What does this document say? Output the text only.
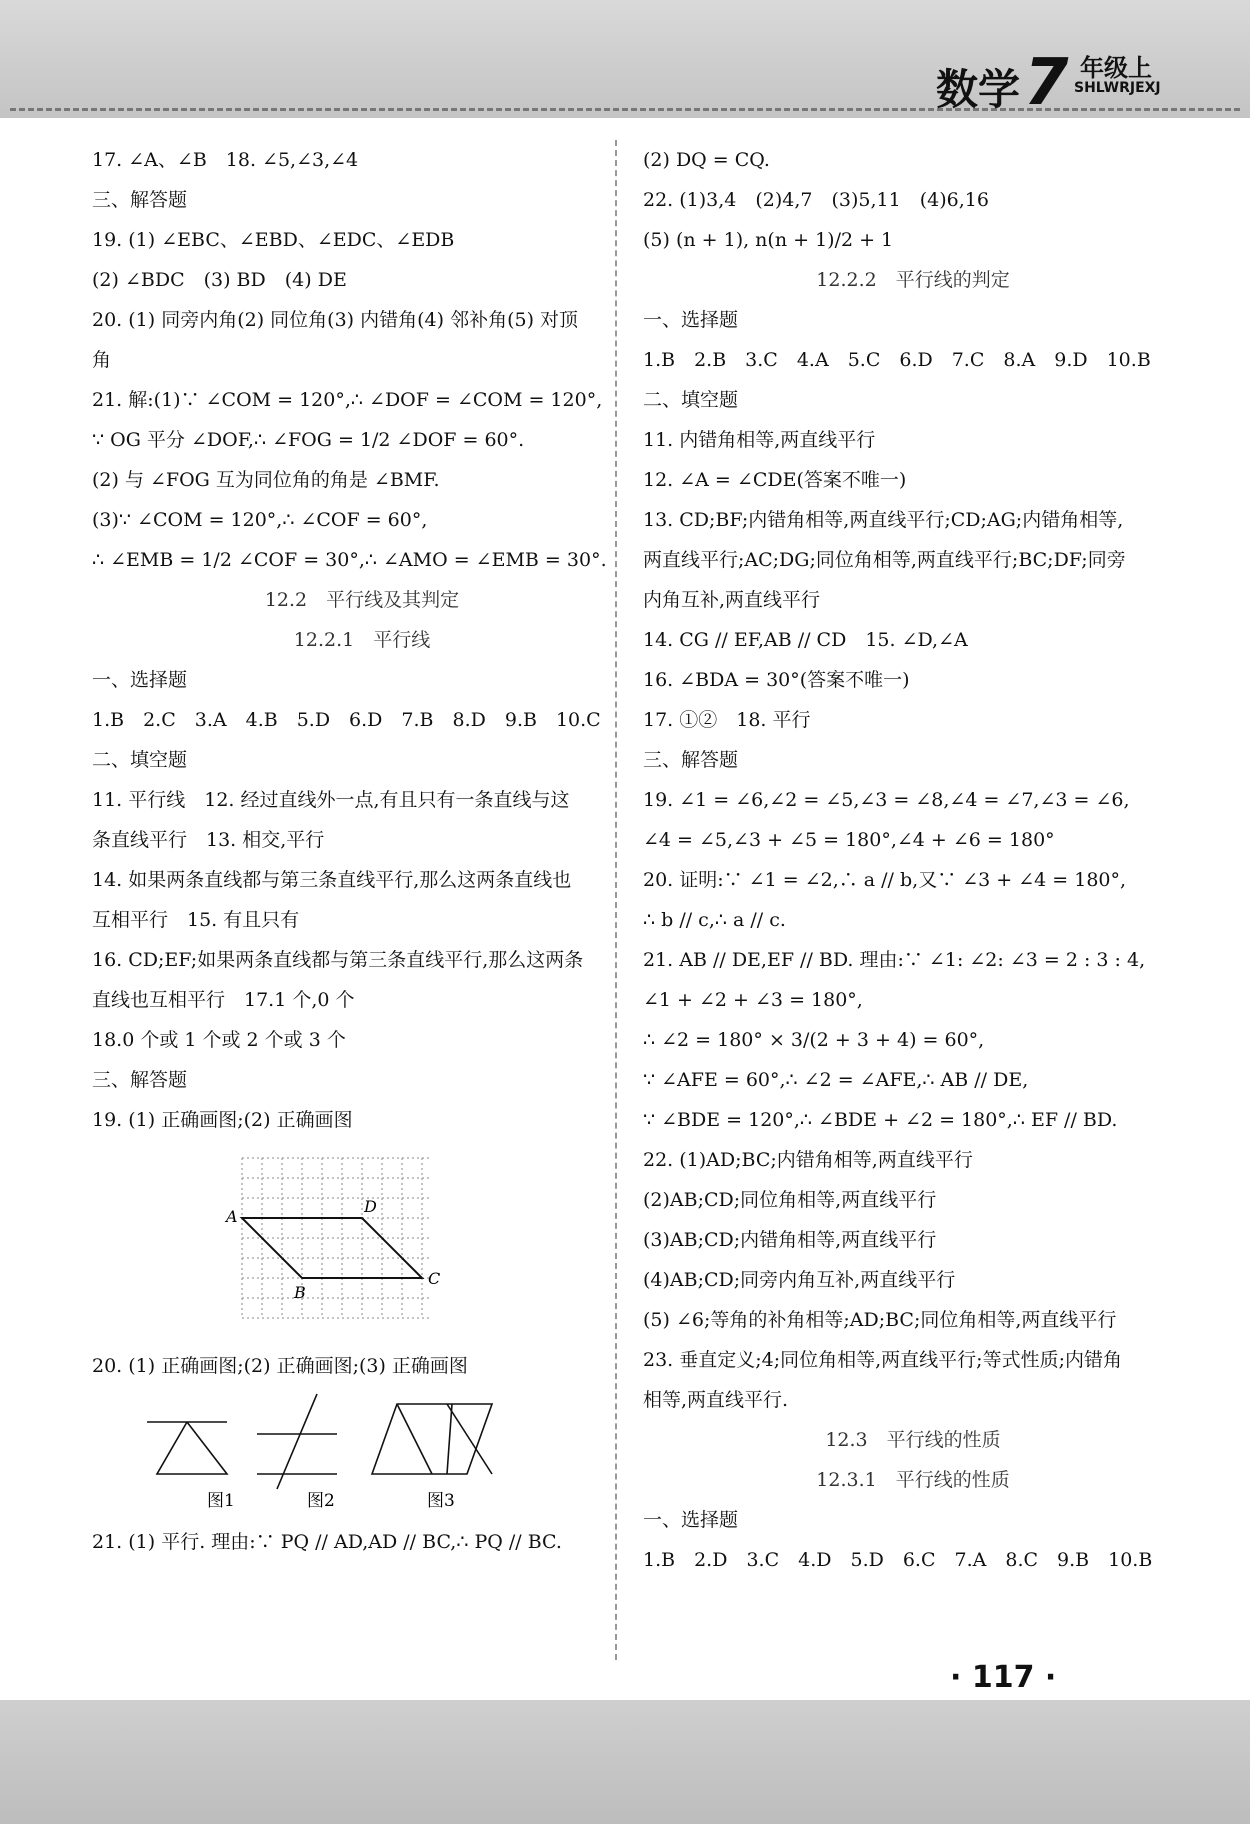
数学7 年级上
SHLWRJEXJ

17. ∠A、∠B　18. ∠5,∠3,∠4

三、解答题

19. (1) ∠EBC、∠EBD、∠EDC、∠EDB

(2) ∠BDC　(3) BD　(4) DE

20. (1) 同旁内角(2) 同位角(3) 内错角(4) 邻补角(5) 对顶

角

21. 解:(1)∵ ∠COM = 120°,∴ ∠DOF = ∠COM = 120°,

∵ OG 平分 ∠DOF,∴ ∠FOG = 1/2 ∠DOF = 60°.

(2) 与 ∠FOG 互为同位角的角是 ∠BMF.

(3)∵ ∠COM = 120°,∴ ∠COF = 60°,

∴ ∠EMB = 1/2 ∠COF = 30°,∴ ∠AMO = ∠EMB = 30°.

12.2　平行线及其判定

12.2.1　平行线

一、选择题

1.B　2.C　3.A　4.B　5.D　6.D　7.B　8.D　9.B　10.C

二、填空题

11. 平行线　12. 经过直线外一点,有且只有一条直线与这

条直线平行　13. 相交,平行

14. 如果两条直线都与第三条直线平行,那么这两条直线也

互相平行　15. 有且只有

16. CD;EF;如果两条直线都与第三条直线平行,那么这两条

直线也互相平行　17.1 个,0 个

18.0 个或 1 个或 2 个或 3 个

三、解答题

19. (1) 正确画图;(2) 正确画图

A
D
C
B

20. (1) 正确画图;(2) 正确画图;(3) 正确画图

图1	图2	图3

21. (1) 平行. 理由:∵ PQ // AD,AD // BC,∴ PQ // BC.

(2) DQ = CQ.

22. (1)3,4　(2)4,7　(3)5,11　(4)6,16

(5) (n + 1), n(n + 1)/2 + 1

12.2.2　平行线的判定

一、选择题

1.B　2.B　3.C　4.A　5.C　6.D　7.C　8.A　9.D　10.B

二、填空题

11. 内错角相等,两直线平行

12. ∠A = ∠CDE(答案不唯一)

13. CD;BF;内错角相等,两直线平行;CD;AG;内错角相等,

两直线平行;AC;DG;同位角相等,两直线平行;BC;DF;同旁

内角互补,两直线平行

14. CG // EF,AB // CD　15. ∠D,∠A

16. ∠BDA = 30°(答案不唯一)

17. ①②　18. 平行

三、解答题

19. ∠1 = ∠6,∠2 = ∠5,∠3 = ∠8,∠4 = ∠7,∠3 = ∠6,

∠4 = ∠5,∠3 + ∠5 = 180°,∠4 + ∠6 = 180°

20. 证明:∵ ∠1 = ∠2,∴ a // b,又∵ ∠3 + ∠4 = 180°,

∴ b // c,∴ a // c.

21. AB // DE,EF // BD. 理由:∵ ∠1: ∠2: ∠3 = 2 : 3 : 4,

∠1 + ∠2 + ∠3 = 180°,

∴ ∠2 = 180° × 3/(2 + 3 + 4) = 60°,

∵ ∠AFE = 60°,∴ ∠2 = ∠AFE,∴ AB // DE,

∵ ∠BDE = 120°,∴ ∠BDE + ∠2 = 180°,∴ EF // BD.

22. (1)AD;BC;内错角相等,两直线平行

(2)AB;CD;同位角相等,两直线平行

(3)AB;CD;内错角相等,两直线平行

(4)AB;CD;同旁内角互补,两直线平行

(5) ∠6;等角的补角相等;AD;BC;同位角相等,两直线平行

23. 垂直定义;4;同位角相等,两直线平行;等式性质;内错角

相等,两直线平行.

12.3　平行线的性质

12.3.1　平行线的性质

一、选择题

1.B　2.D　3.C　4.D　5.D　6.C　7.A　8.C　9.B　10.B

· 117 ·
